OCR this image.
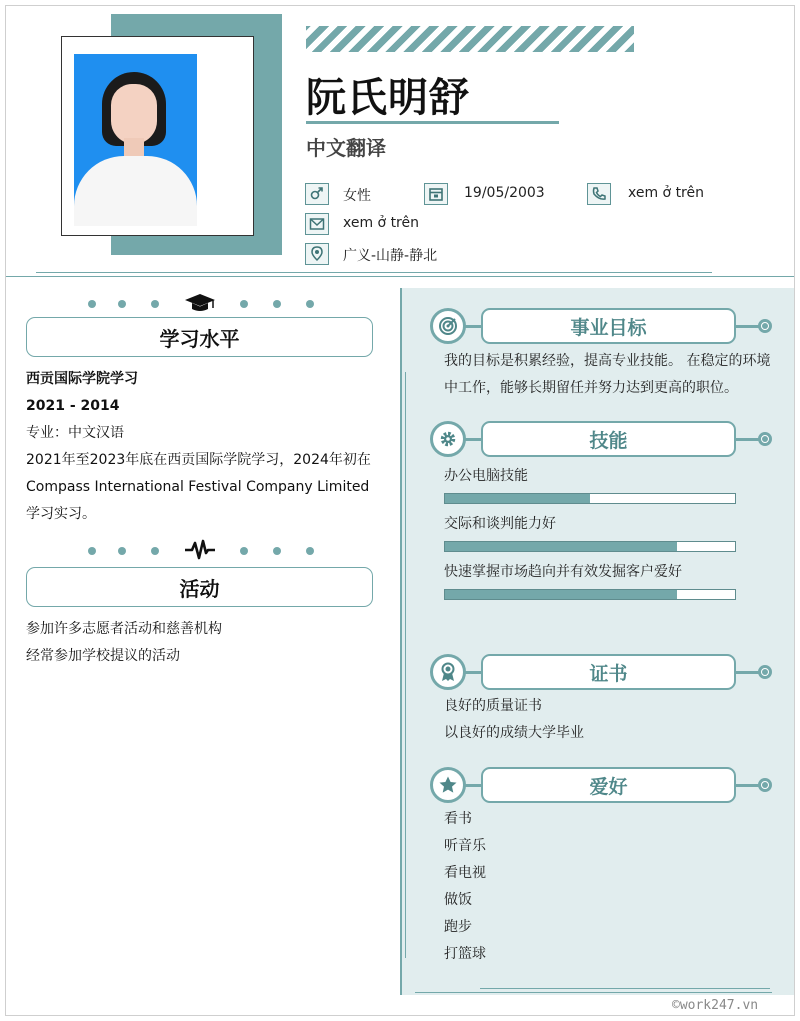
阮氏明舒
中文翻译
女性	19/05/2003	xem ở trên
xem ở trên
广义-山静-静北
学习水平
西贡国际学院学习
2021 - 2014
专业：中文汉语
2021年至2023年底在西贡国际学院学习，2024年初在Compass International Festival Company Limited学习实习。
活动
参加许多志愿者活动和慈善机构
经常参加学校提议的活动
事业目标
我的目标是积累经验，提高专业技能。 在稳定的环境中工作，能够长期留任并努力达到更高的职位。
技能
办公电脑技能
交际和谈判能力好
快速掌握市场趋向并有效发掘客户爱好
证书
良好的质量证书
以良好的成绩大学毕业
爱好
看书
听音乐
看电视
做饭
跑步
打篮球
©work247.vn
